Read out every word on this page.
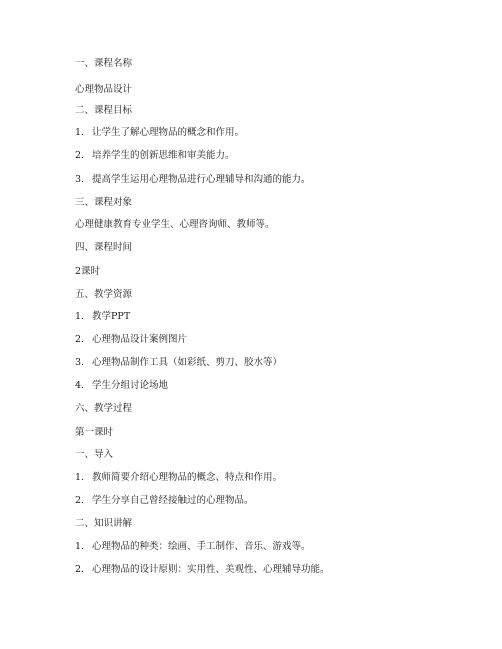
一、课程名称
心理物品设计
二、课程目标
1. 让学生了解心理物品的概念和作用。
2. 培养学生的创新思维和审美能力。
3. 提高学生运用心理物品进行心理辅导和沟通的能力。
三、课程对象
心理健康教育专业学生、心理咨询师、教师等。
四、课程时间
2课时
五、教学资源
1. 教学PPT
2. 心理物品设计案例图片
3. 心理物品制作工具（如彩纸、剪刀、胶水等）
4. 学生分组讨论场地
六、教学过程
第一课时
一、导入
1. 教师简要介绍心理物品的概念、特点和作用。
2. 学生分享自己曾经接触过的心理物品。
二、知识讲解
1. 心理物品的种类：绘画、手工制作、音乐、游戏等。
2. 心理物品的设计原则：实用性、美观性、心理辅导功能。
